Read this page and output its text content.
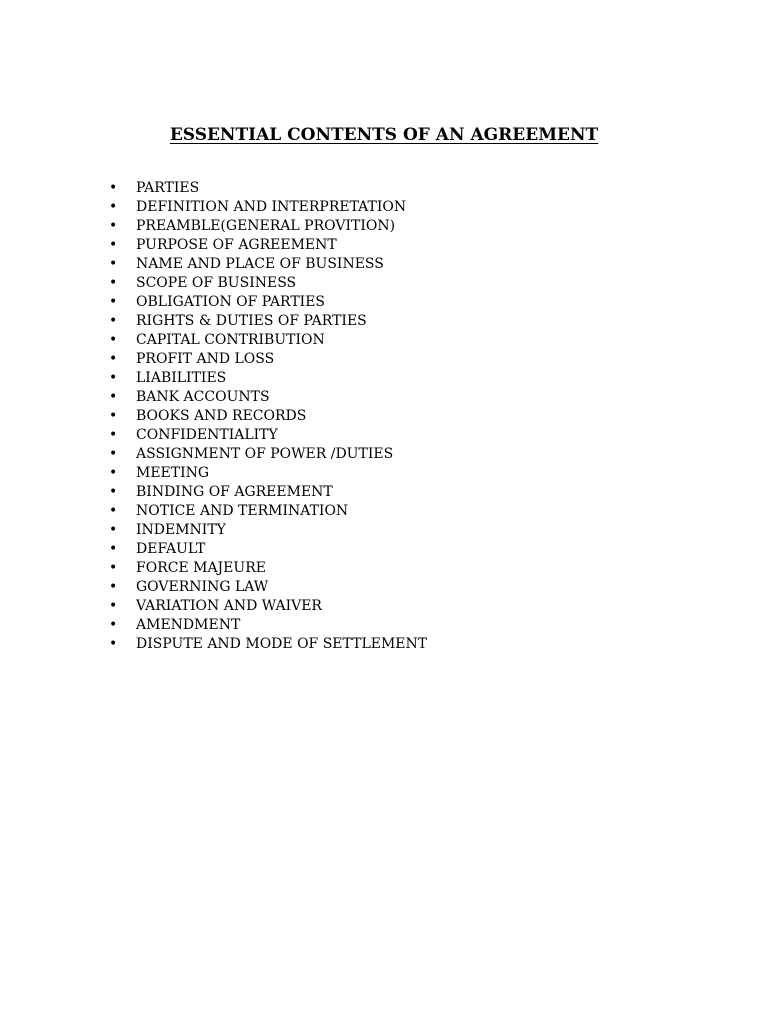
ESSENTIAL CONTENTS OF AN AGREEMENT
• PARTIES
• DEFINITION AND INTERPRETATION
• PREAMBLE(GENERAL PROVITION)
• PURPOSE OF AGREEMENT
• NAME AND PLACE OF BUSINESS
• SCOPE OF BUSINESS
• OBLIGATION OF PARTIES
• RIGHTS & DUTIES OF PARTIES
• CAPITAL CONTRIBUTION
• PROFIT AND LOSS
• LIABILITIES
• BANK ACCOUNTS
• BOOKS AND RECORDS
• CONFIDENTIALITY
• ASSIGNMENT OF POWER /DUTIES
• MEETING
• BINDING OF AGREEMENT
• NOTICE AND TERMINATION
• INDEMNITY
• DEFAULT
• FORCE MAJEURE
• GOVERNING LAW
• VARIATION AND WAIVER
• AMENDMENT
• DISPUTE AND MODE OF SETTLEMENT
